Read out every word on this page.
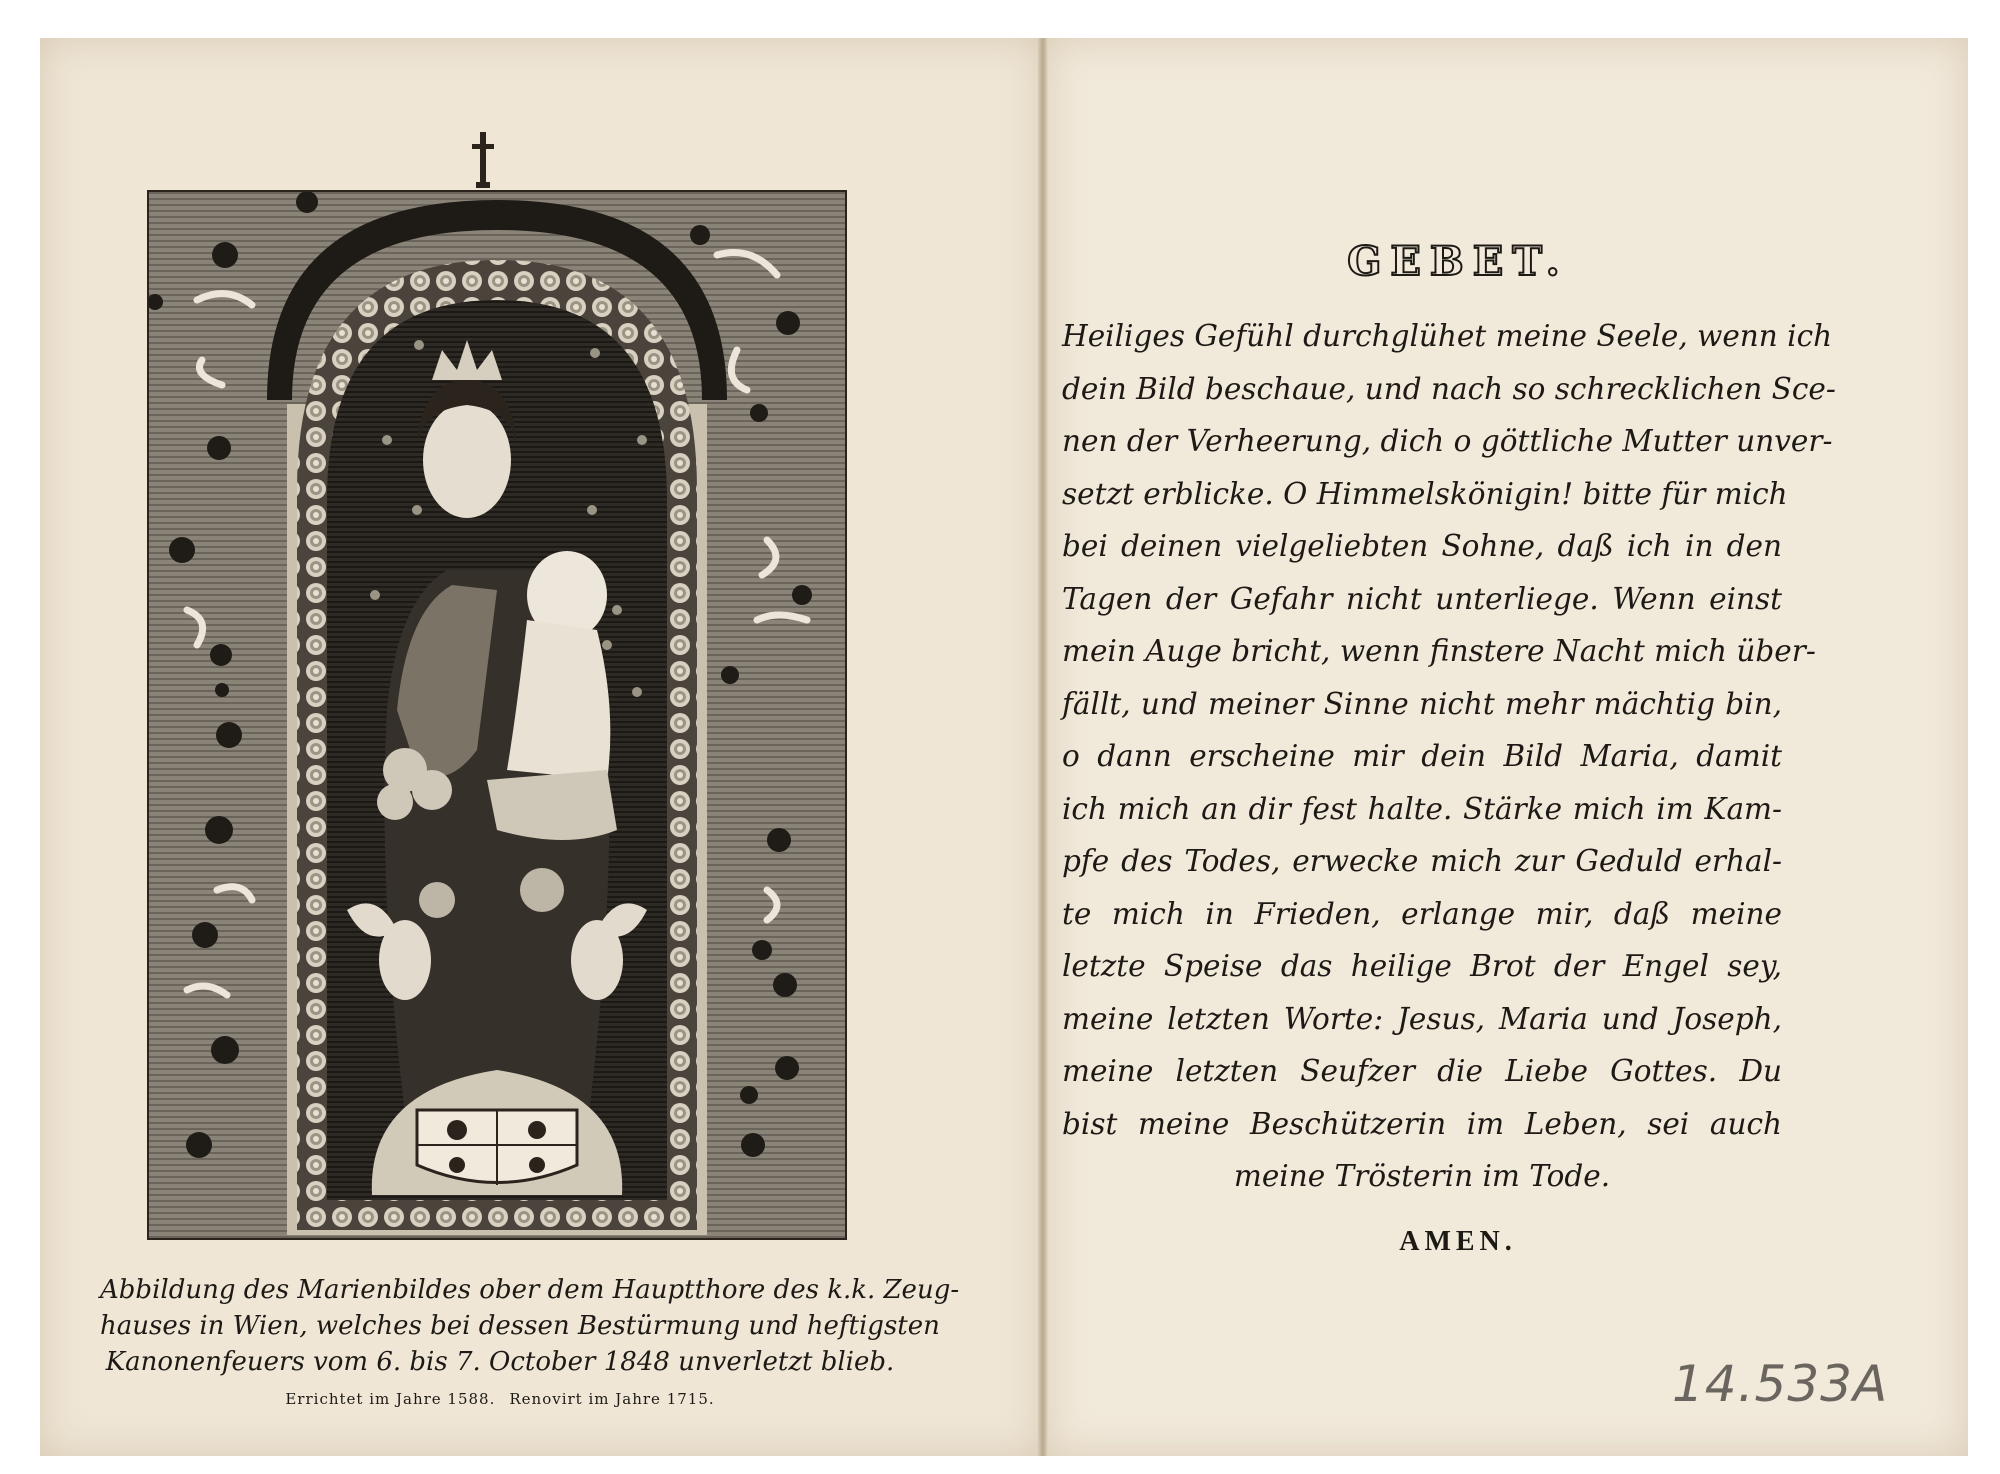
Abbildung des Marienbildes ober dem Hauptthore des k.k. Zeug-
hauses in Wien, welches bei dessen Bestürmung und heftigsten
Kanonenfeuers vom 6. bis 7. October 1848 unverletzt blieb.
Errichtet im Jahre 1588. Renovirt im Jahre 1715.
GEBET.
Heiliges Gefühl durchglühet meine Seele, wenn ich
dein Bild beschaue, und nach so schrecklichen Sce-
nen der Verheerung, dich o göttliche Mutter unver-
setzt erblicke. O Himmelskönigin! bitte für mich
bei deinen vielgeliebten Sohne, daß ich in den
Tagen der Gefahr nicht unterliege. Wenn einst
mein Auge bricht, wenn finstere Nacht mich über-
fällt, und meiner Sinne nicht mehr mächtig bin,
o dann erscheine mir dein Bild Maria, damit
ich mich an dir fest halte. Stärke mich im Kam-
pfe des Todes, erwecke mich zur Geduld erhal-
te mich in Frieden, erlange mir, daß meine
letzte Speise das heilige Brot der Engel sey,
meine letzten Worte: Jesus, Maria und Joseph,
meine letzten Seufzer die Liebe Gottes. Du
bist meine Beschützerin im Leben, sei auch
meine Trösterin im Tode.
AMEN.
14.533A
